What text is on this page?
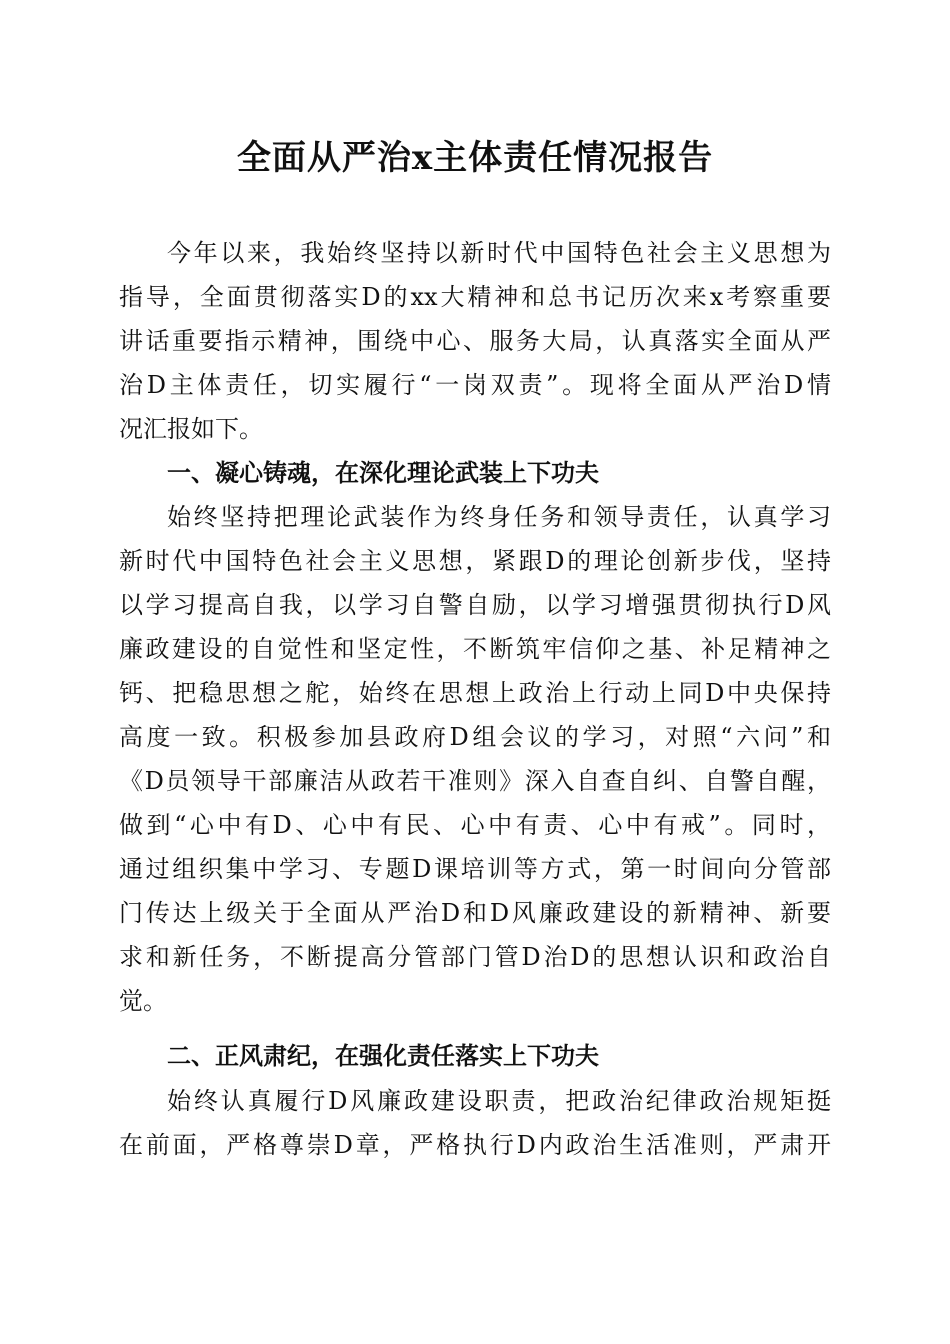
全面从严治x主体责任情况报告
今年以来，我始终坚持以新时代中国特色社会主义思想为
指导，全面贯彻落实D的xx大精神和总书记历次来x考察重要
讲话重要指示精神，围绕中心、服务大局，认真落实全面从严
治D主体责任，切实履行“一岗双责”。现将全面从严治D情
况汇报如下。
一、凝心铸魂，在深化理论武装上下功夫
始终坚持把理论武装作为终身任务和领导责任，认真学习
新时代中国特色社会主义思想，紧跟D的理论创新步伐，坚持
以学习提高自我，以学习自警自励，以学习增强贯彻执行D风
廉政建设的自觉性和坚定性，不断筑牢信仰之基、补足精神之
钙、把稳思想之舵，始终在思想上政治上行动上同D中央保持
高度一致。积极参加县政府D组会议的学习，对照“六问”和
《D员领导干部廉洁从政若干准则》深入自查自纠、自警自醒，
做到“心中有D、心中有民、心中有责、心中有戒”。同时，
通过组织集中学习、专题D课培训等方式，第一时间向分管部
门传达上级关于全面从严治D和D风廉政建设的新精神、新要
求和新任务，不断提高分管部门管D治D的思想认识和政治自
觉。
二、正风肃纪，在强化责任落实上下功夫
始终认真履行D风廉政建设职责，把政治纪律政治规矩挺
在前面，严格尊崇D章，严格执行D内政治生活准则，严肃开
